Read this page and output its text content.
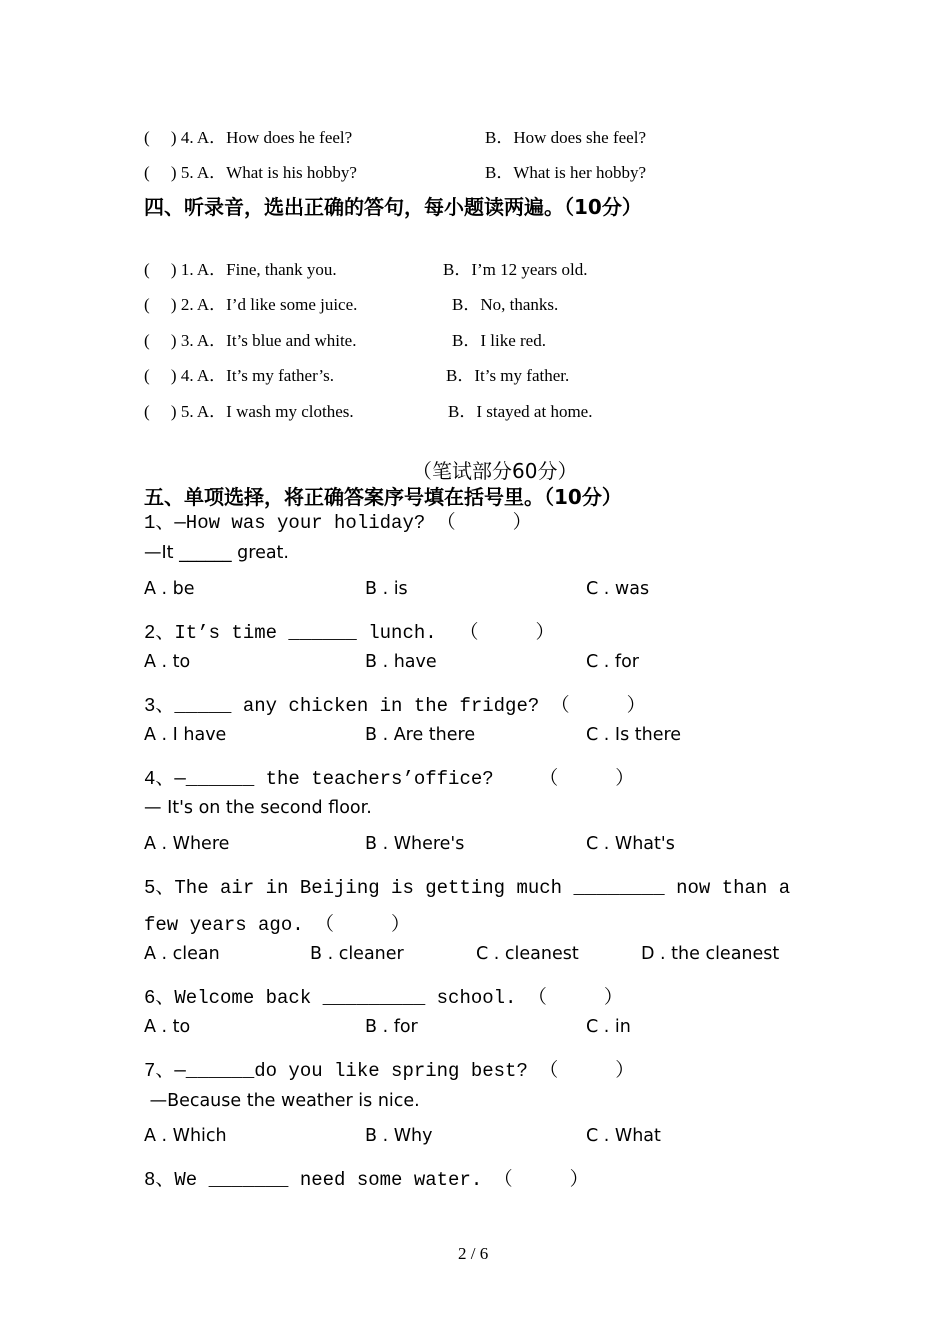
(     ) 4. A．How does he feel?	B．How does she feel?
(     ) 5. A．What is his hobby?	B．What is her hobby?
四、听录音，选出正确的答句，每小题读两遍。（10分）
(     ) 1. A．Fine, thank you.	B．I’m 12 years old.
(     ) 2. A．I’d like some juice.	B．No, thanks.
(     ) 3. A．It’s blue and white.	B．I like red.
(     ) 4. A．It’s my father’s.	B．It’s my father.
(     ) 5. A．I wash my clothes.	B．I stayed at home.
（笔试部分60分）
五、单项选择，将正确答案序号填在括号里。（10分）
1、—How was your holiday? （     ）
—It ______ great.
A . be	B . is	C . was
2、It’s time ______ lunch.  （     ）
A . to	B . have	C . for
3、_____ any chicken in the fridge? （     ）
A . I have	B . Are there	C . Is there
4、—______ the teachers’office?    （     ）
— It's on the second floor.
A . Where	B . Where's	C . What's
5、The air in Beijing is getting much ________ now than a
few years ago. （     ）
A . clean	B . cleaner	C . cleanest	D . the cleanest
6、Welcome back _________ school. （     ）
A . to	B . for	C . in
7、—______do you like spring best? （     ）
—Because the weather is nice.
A . Which	B . Why	C . What
8、We _______ need some water. （     ）
2 / 6
